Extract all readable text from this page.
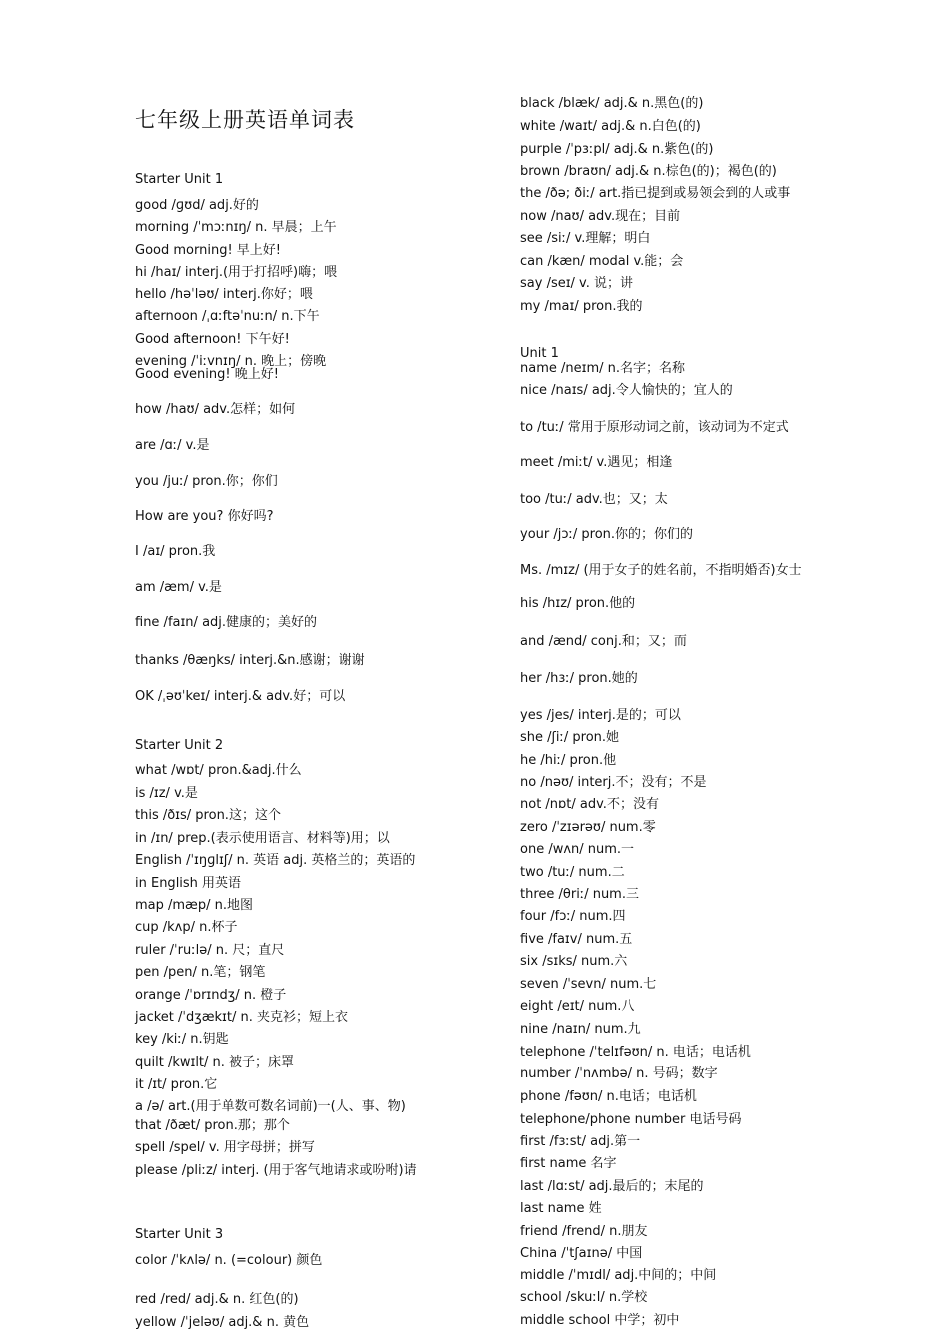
七年级上册英语单词表
Starter Unit 1
good /ɡʊd/ adj.好的
morning /ˈmɔːnɪŋ/ n. 早晨；上午
Good morning! 早上好!
hi /haɪ/ interj.(用于打招呼)嗨；喂
hello /həˈləʊ/ interj.你好；喂
afternoon /ˌɑːftəˈnuːn/ n.下午
Good afternoon! 下午好!
evening /ˈiːvnɪŋ/ n. 晚上；傍晚
Good evening! 晚上好!
how /haʊ/ adv.怎样；如何
are /ɑː/ v.是
you /juː/ pron.你；你们
How are you? 你好吗?
I /aɪ/ pron.我
am /æm/ v.是
fine /faɪn/ adj.健康的；美好的
thanks /θæŋks/ interj.&n.感谢；谢谢
OK /ˌəʊˈkeɪ/ interj.& adv.好；可以
Starter Unit 2
what /wɒt/ pron.&adj.什么
is /ɪz/ v.是
this /ðɪs/ pron.这；这个
in /ɪn/ prep.(表示使用语言、材料等)用；以
English /ˈɪŋɡlɪʃ/ n. 英语 adj. 英格兰的；英语的
in English 用英语
map /mæp/ n.地图
cup /kʌp/ n.杯子
ruler /ˈruːlə/ n. 尺；直尺
pen /pen/ n.笔；钢笔
orange /ˈɒrɪndʒ/ n. 橙子
jacket /ˈdʒækɪt/ n. 夹克衫；短上衣
key /kiː/ n.钥匙
quilt /kwɪlt/ n. 被子；床罩
it /ɪt/ pron.它
a /ə/ art.(用于单数可数名词前)一(人、事、物)
that /ðæt/ pron.那；那个
spell /spel/ v. 用字母拼；拼写
please /pliːz/ interj. (用于客气地请求或吩咐)请
Starter Unit 3
color /ˈkʌlə/ n. (=colour) 颜色
red /red/ adj.& n. 红色(的)
yellow /ˈjeləʊ/ adj.& n. 黄色
black /blæk/ adj.& n.黑色(的)
white /waɪt/ adj.& n.白色(的)
purple /ˈpɜːpl/ adj.& n.紫色(的)
brown /braʊn/ adj.& n.棕色(的)；褐色(的)
the /ðə; ðiː/ art.指已提到或易领会到的人或事
now /naʊ/ adv.现在；目前
see /siː/ v.理解；明白
can /kæn/ modal v.能；会
say /seɪ/ v. 说；讲
my /maɪ/ pron.我的
Unit 1
name /neɪm/ n.名字；名称
nice /naɪs/ adj.令人愉快的；宜人的
to /tuː/ 常用于原形动词之前，该动词为不定式
meet /miːt/ v.遇见；相逢
too /tuː/ adv.也；又；太
your /jɔː/ pron.你的；你们的
Ms. /mɪz/ (用于女子的姓名前，不指明婚否)女士
his /hɪz/ pron.他的
and /ænd/ conj.和；又；而
her /hɜː/ pron.她的
yes /jes/ interj.是的；可以
she /ʃiː/ pron.她
he /hiː/ pron.他
no /nəʊ/ interj.不；没有；不是
not /nɒt/ adv.不；没有
zero /ˈzɪərəʊ/ num.零
one /wʌn/ num.一
two /tuː/ num.二
three /θriː/ num.三
four /fɔː/ num.四
five /faɪv/ num.五
six /sɪks/ num.六
seven /ˈsevn/ num.七
eight /eɪt/ num.八
nine /naɪn/ num.九
telephone /ˈtelɪfəʊn/ n. 电话；电话机
number /ˈnʌmbə/ n. 号码；数字
phone /fəʊn/ n.电话；电话机
telephone/phone number 电话号码
first /fɜːst/ adj.第一
first name 名字
last /lɑːst/ adj.最后的；末尾的
last name 姓
friend /frend/ n.朋友
China /ˈtʃaɪnə/ 中国
middle /ˈmɪdl/ adj.中间的；中间
school /skuːl/ n.学校
middle school 中学；初中
